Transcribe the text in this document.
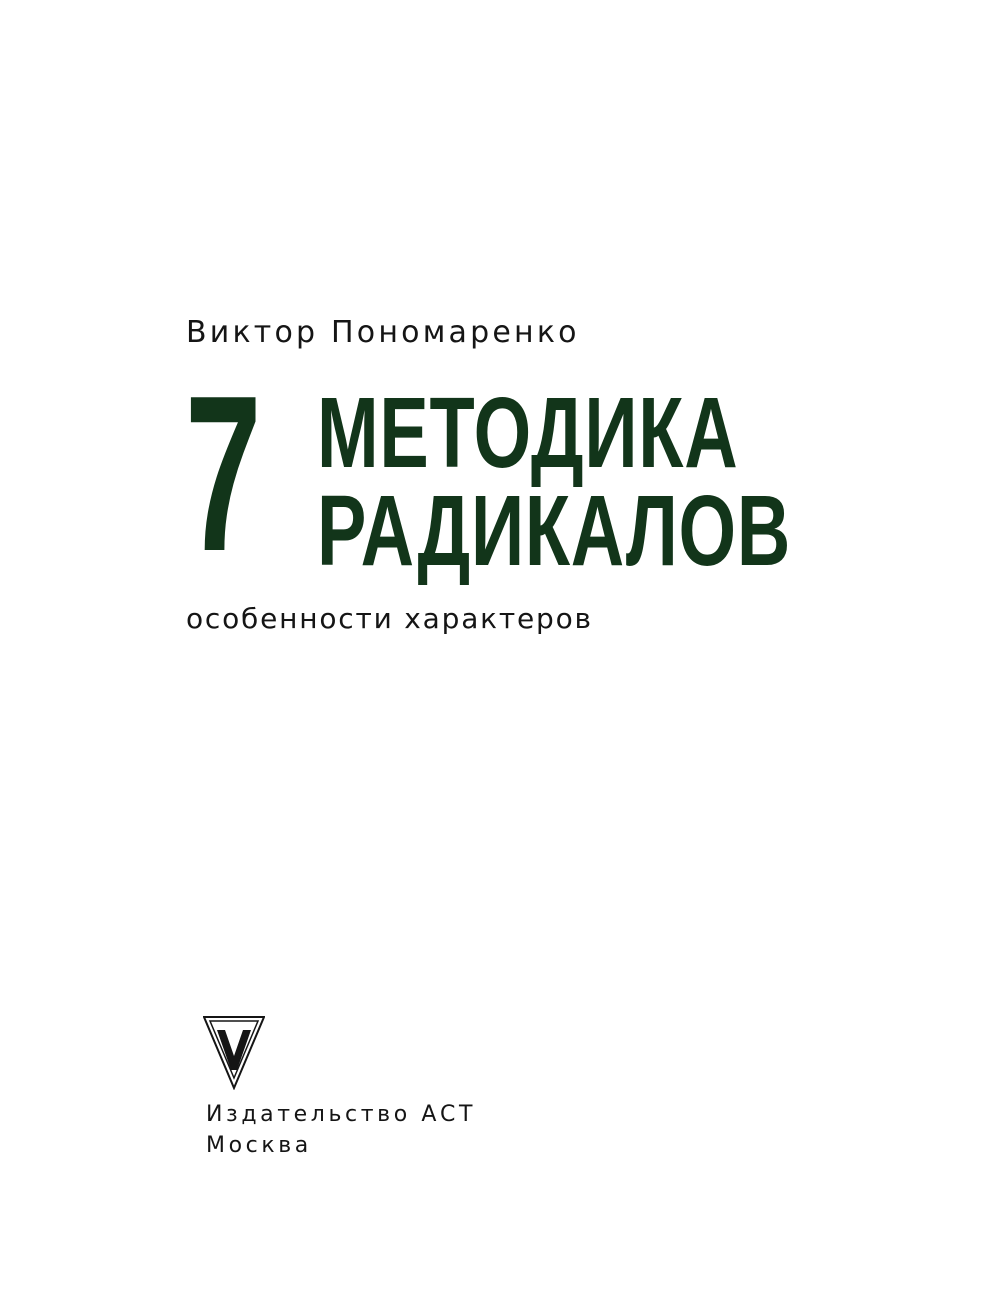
Виктор Пономаренко
7 МЕТОДИКА
РАДИКАЛОВ
особенности характеров
Издательство АСТ
Москва
